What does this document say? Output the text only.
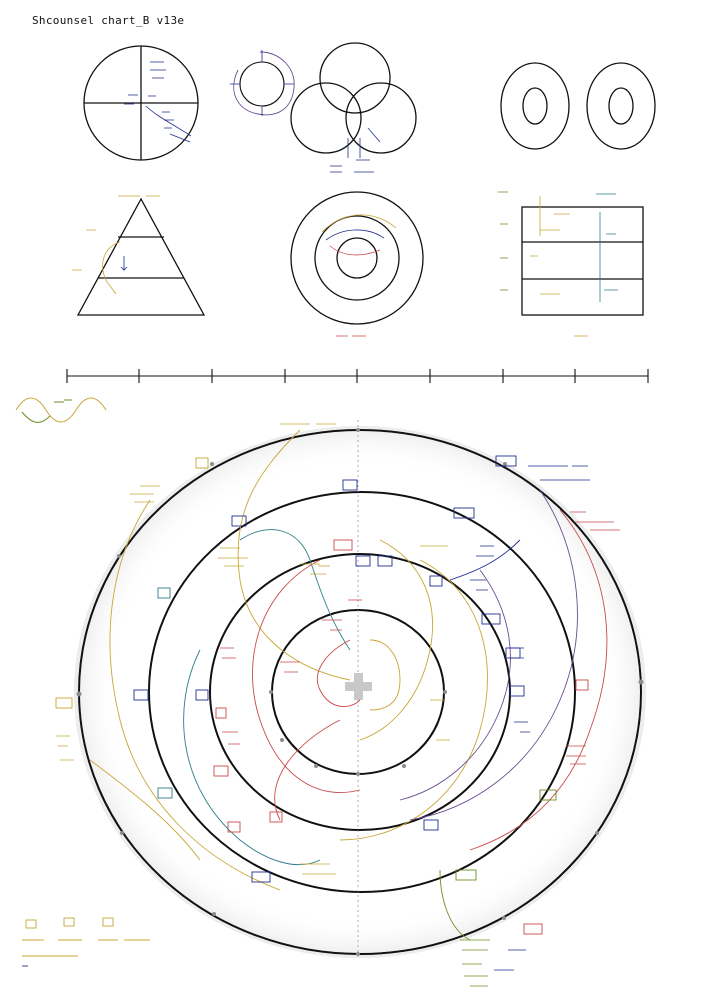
Shcounsel chart_B v13e
